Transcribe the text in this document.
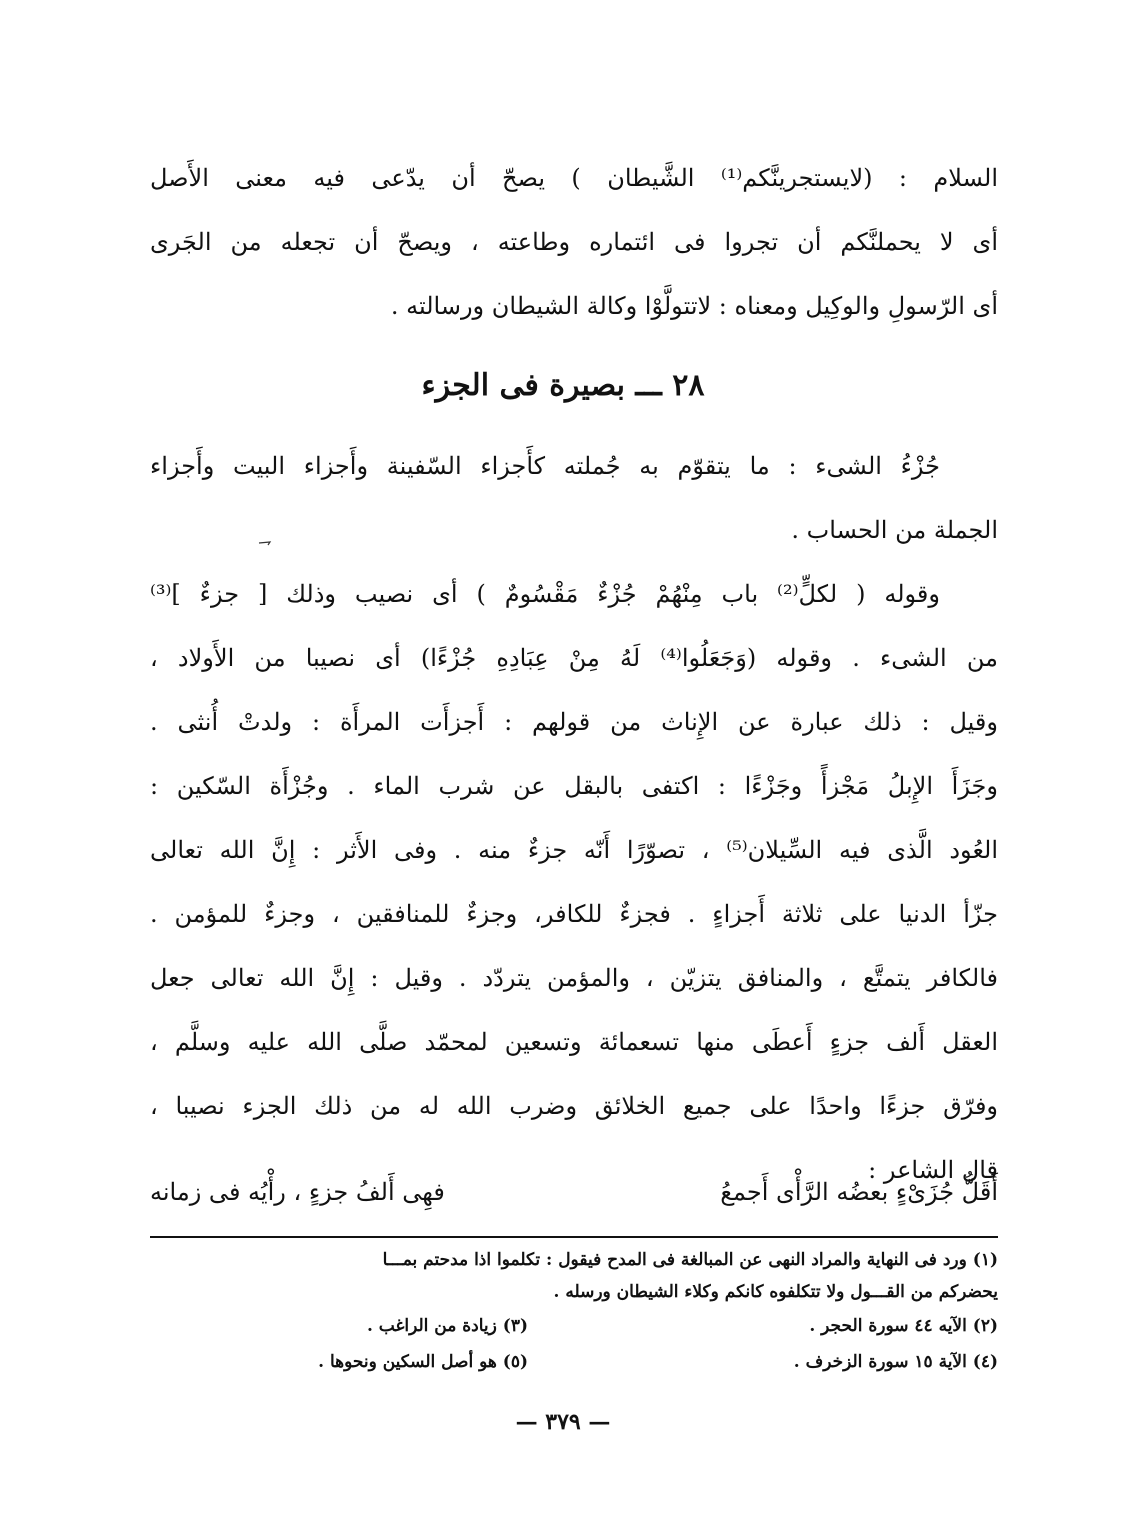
السلام : (لايستجرينَّكم⁽¹⁾ الشَّيطان ) يصحّ أن يدّعى فيه معنى الأَصل
أى لا يحملنَّكم أن تجروا فى ائتماره وطاعته ، ويصحّ أن تجعله من الجَرى
أى الرّسولِ والوكِيل ومعناه : لاتتولَّوْا وكالة الشيطان ورسالته .
٢٨ ـــ بصيرة فى الجزء
جُزْءُ الشىء : ما يتقوّم به جُملته كأَجزاء السّفينة وأَجزاء البيت وأَجزاء
الجملة من الحساب .
وقوله ( لكلٍّ⁽²⁾ باب مِنْهُمْ جُزْءٌ مَقْسُومٌ ) أى نصيب وذلك [ جزءٌ ]⁽³⁾
من الشىء . وقوله (وَجَعَلُوا⁽⁴⁾ لَهُ مِنْ عِبَادِهِ جُزْءًا) أى نصيبا من الأَولاد ،
وقيل : ذلك عبارة عن الإِناث من قولهم : أَجزأَت المرأَة : ولدتْ أُنثى .
وجَزَأَ الإِبلُ مَجْزأً وجَزْءًا : اكتفى بالبقل عن شرب الماء . وجُزْأَة السّكين :
العُود الَّذى فيه السِّيلان⁽⁵⁾ ، تصوّرًا أَنّه جزءٌ منه . وفى الأَثر : إِنَّ الله تعالى
جزّأ الدنيا على ثلاثة أَجزاءٍ . فجزءٌ للكافر، وجزءٌ للمنافقين ، وجزءٌ للمؤمن .
فالكافر يتمتَّع ، والمنافق يتزيّن ، والمؤمن يتردّد . وقيل : إِنَّ الله تعالى جعل
العقل أَلف جزءٍ أَعطَى منها تسعمائة وتسعين لمحمّد صلَّى الله عليه وسلَّم ،
وفرّق جزءًا واحدًا على جميع الخلائق وضرب الله له من ذلك الجزء نصيبا ،
قال الشاعر :
أَقَلُّ جُزَىْءٍ بعضُه الرَّأْى أَجمعُ
فهِى أَلفُ جزءٍ ، رأْيُه فى زمانه
(١) ورد فى النهاية والمراد النهى عن المبالغة فى المدح فيقول : تكلموا اذا مدحتم بمـــا
يحضركم من القـــول ولا تتكلفوه كانكم وكلاء الشيطان ورسله .
(٢) الآيه ٤٤ سورة الحجر .
(٣) زيادة من الراغب .
(٤) الآية ١٥ سورة الزخرف .
(٥) هو أصل السكين ونحوها .
— ٣٧٩ —
